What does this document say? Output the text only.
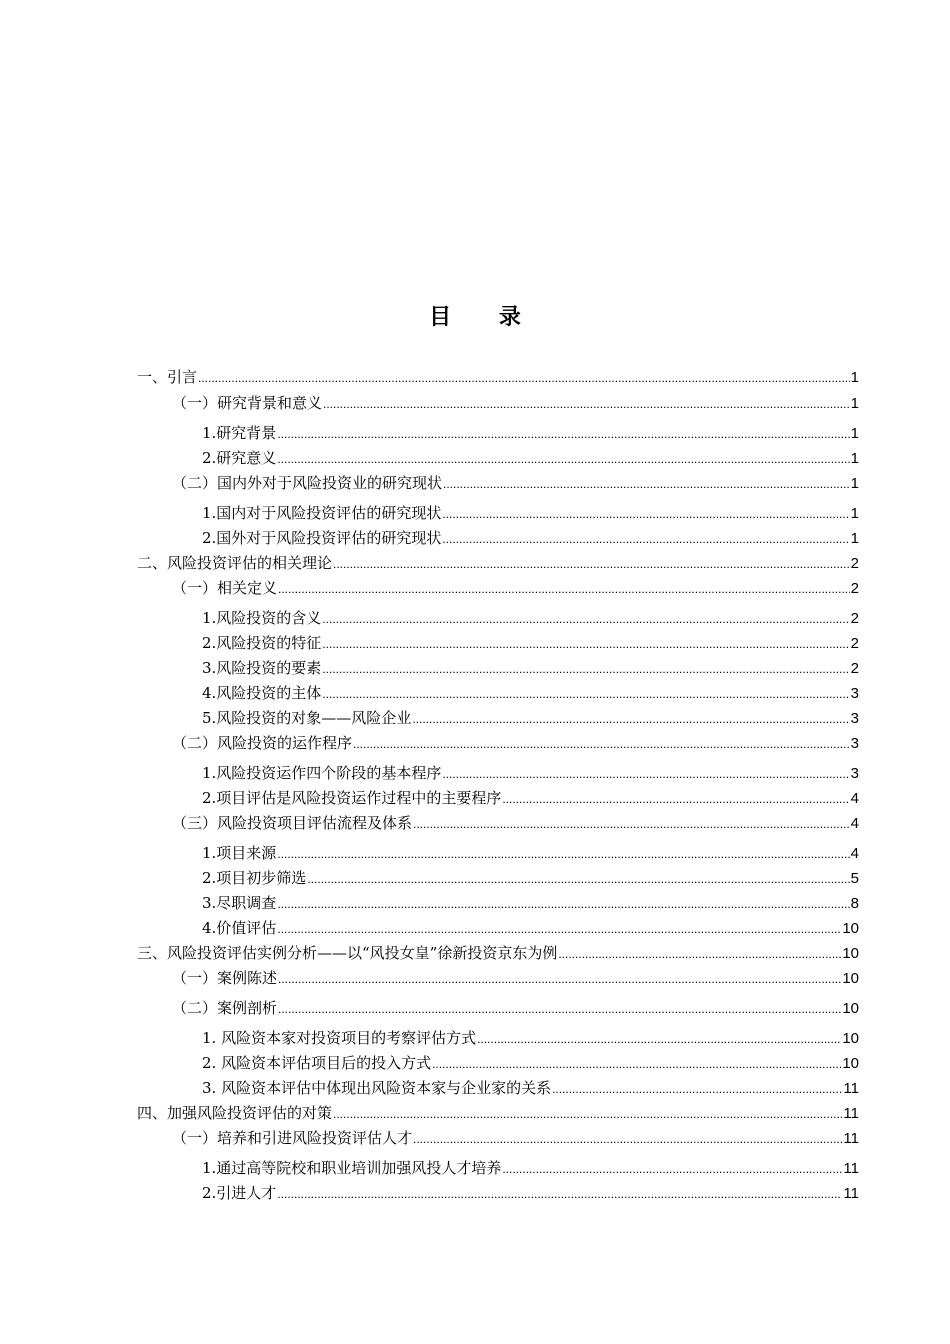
目 录
一、引言 .....	1
（一）研究背景和意义 .....	1
1.研究背景 .....	1
2.研究意义 .....	1
（二）国内外对于风险投资业的研究现状 .....	1
1.国内对于风险投资评估的研究现状 .....	1
2.国外对于风险投资评估的研究现状 .....	1
二、风险投资评估的相关理论 .....	2
（一）相关定义 .....	2
1.风险投资的含义 .....	2
2.风险投资的特征 .....	2
3.风险投资的要素 .....	2
4.风险投资的主体 .....	3
5.风险投资的对象——风险企业 .....	3
（二）风险投资的运作程序 .....	3
1.风险投资运作四个阶段的基本程序 .....	3
2.项目评估是风险投资运作过程中的主要程序 .....	4
（三）风险投资项目评估流程及体系 .....	4
1.项目来源 .....	4
2.项目初步筛选 .....	5
3.尽职调查 .....	8
4.价值评估 .....	10
三、风险投资评估实例分析——以“风投女皇”徐新投资京东为例 .....	10
（一）案例陈述 .....	10
（二）案例剖析 .....	10
1. 风险资本家对投资项目的考察评估方式 .....	10
2. 风险资本评估项目后的投入方式 .....	10
3. 风险资本评估中体现出风险资本家与企业家的关系 .....	11
四、加强风险投资评估的对策 .....	11
（一）培养和引进风险投资评估人才 .....	11
1.通过高等院校和职业培训加强风投人才培养 .....	11
2.引进人才 .....	11
